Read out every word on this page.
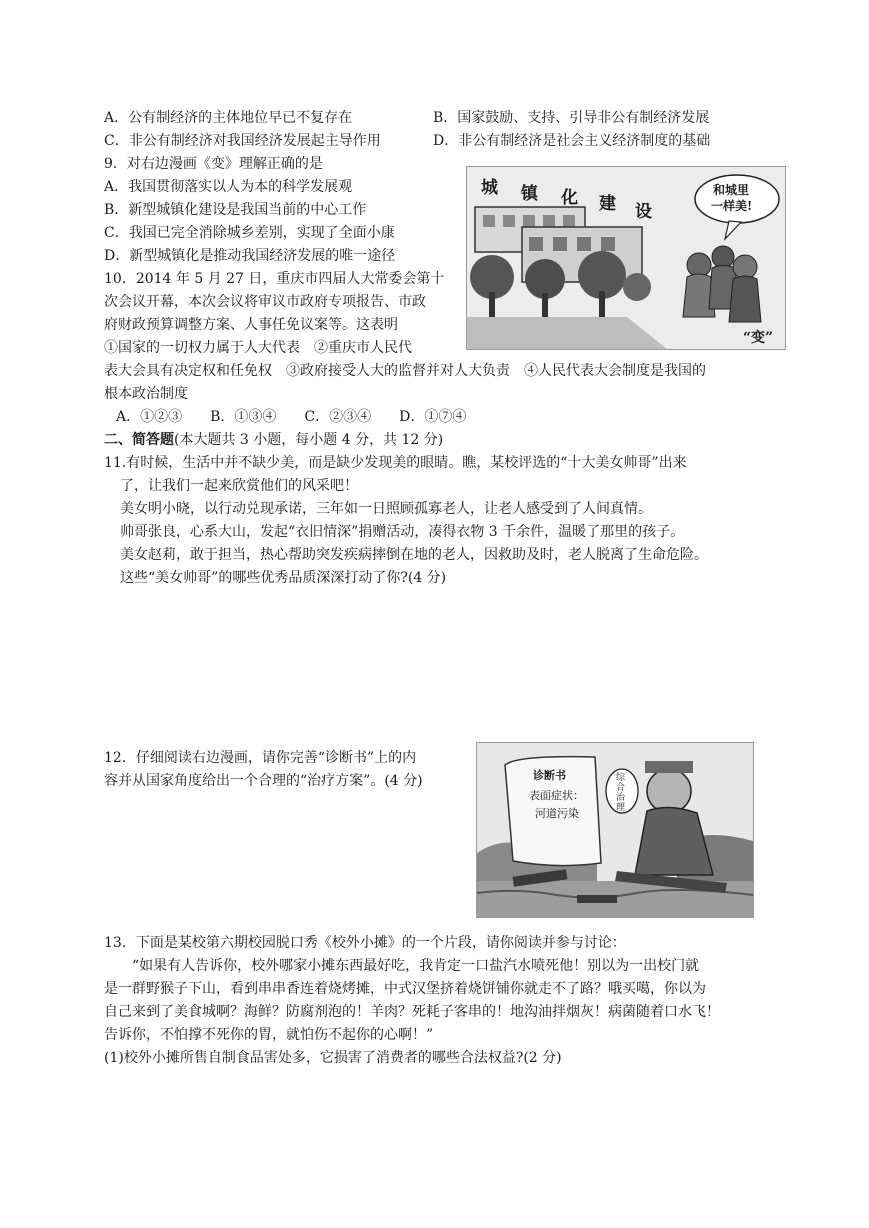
A．公有制经济的主体地位早已不复存在	B．国家鼓励、支持、引导非公有制经济发展
C．非公有制经济对我国经济发展起主导作用	D．非公有制经济是社会主义经济制度的基础
9．对右边漫画《变》理解正确的是
A．我国贯彻落实以人为本的科学发展观
B．新型城镇化建设是我国当前的中心工作
C．我国已完全消除城乡差别，实现了全面小康
D．新型城镇化是推动我国经济发展的唯一途径
城 镇 化 建 设
和城里
一样美!
“变”
10．2014 年 5 月 27 日，重庆市四届人大常委会第十
次会议开幕，本次会议将审议市政府专项报告、市政
府财政预算调整方案、人事任免议案等。这表明
①国家的一切权力属于人大代表　②重庆市人民代
表大会具有决定权和任免权　③政府接受人大的监督并对人大负责　④人民代表大会制度是我国的
根本政治制度
A．①②③　　B．①③④　　C．②③④　　D．①⑦④
二、简答题(本大题共 3 小题，每小题 4 分，共 12 分)
11.有时候，生活中并不缺少美，而是缺少发现美的眼睛。瞧，某校评选的“十大美女帅哥”出来
了，让我们一起来欣赏他们的风采吧！
美女明小晓，以行动兑现承诺，三年如一日照顾孤寡老人，让老人感受到了人间真情。
帅哥张良，心系大山，发起“衣旧情深”捐赠活动，凑得衣物 3 千余件，温暖了那里的孩子。
美女赵莉，敢于担当，热心帮助突发疾病摔倒在地的老人，因救助及时，老人脱离了生命危险。
这些“美女帅哥”的哪些优秀品质深深打动了你?(4 分)
12．仔细阅读右边漫画，请你完善“诊断书”上的内
容并从国家角度给出一个合理的“治疗方案”。(4 分)	诊断书
表面症状：
河道污染
综合治理
13．下面是某校第六期校园脱口秀《校外小摊》的一个片段，请你阅读并参与讨论：
“如果有人告诉你，校外哪家小摊东西最好吃，我肯定一口盐汽水喷死他！别以为一出校门就
是一群野猴子下山，看到串串香连着烧烤摊，中式汉堡挤着烧饼铺你就走不了路？哦买噶，你以为
自己来到了美食城啊？海鲜？防腐剂泡的！羊肉？死耗子客串的！地沟油拌烟灰！病菌随着口水飞！
告诉你，不怕撑不死你的胃，就怕伤不起你的心啊！”
(1)校外小摊所售自制食品害处多，它损害了消费者的哪些合法权益?(2 分)
